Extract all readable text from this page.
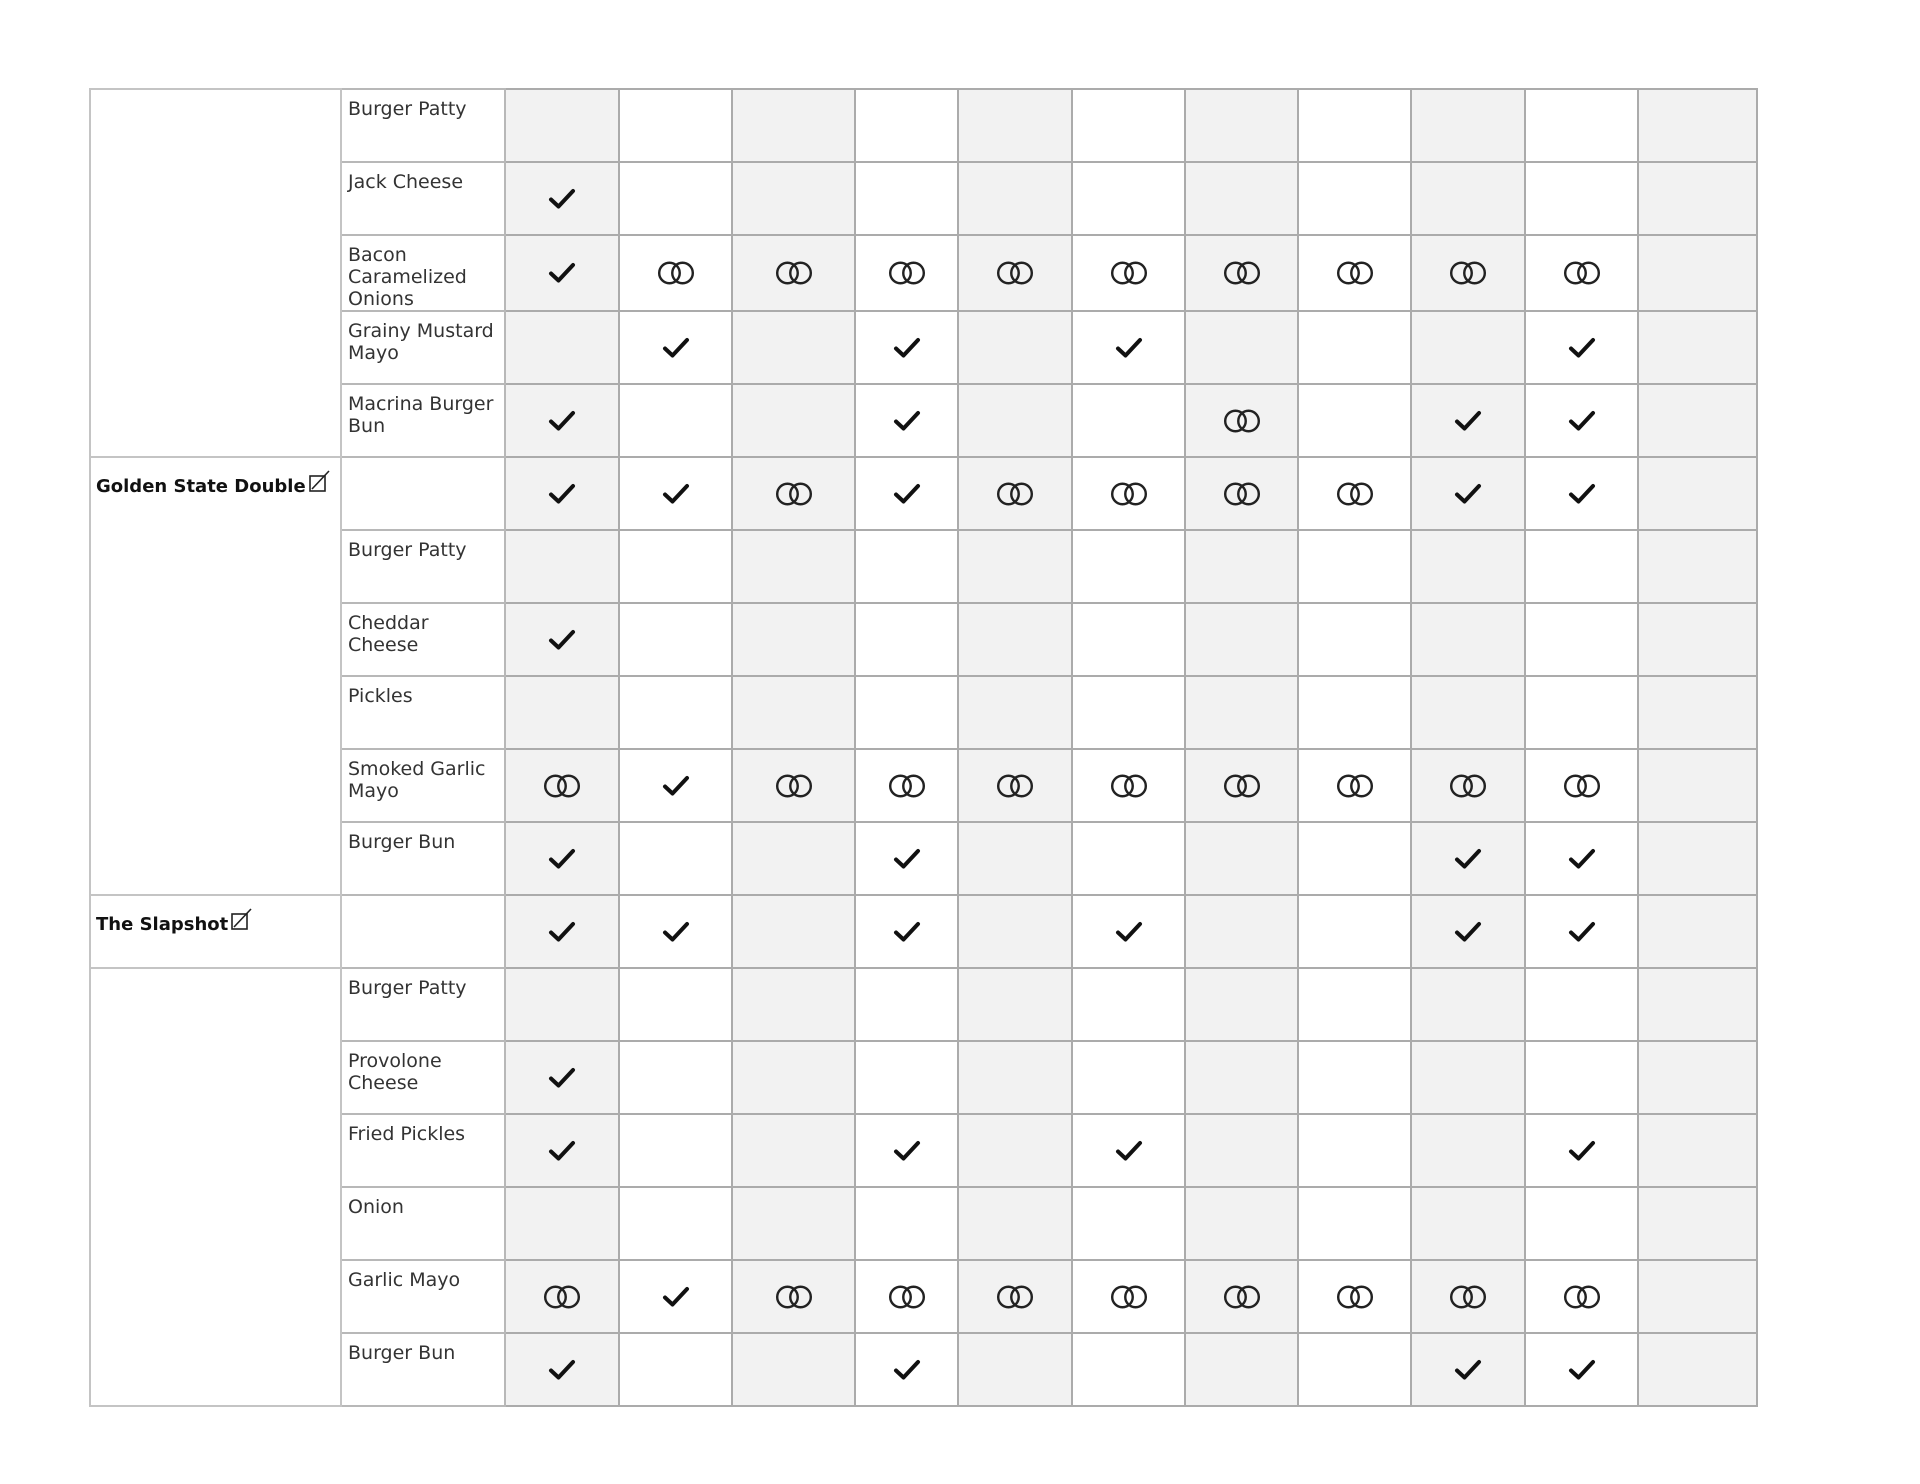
	Burger Patty											

	Jack Cheese

	Bacon Caramelized Onions

	Grainy Mustard Mayo

	Macrina Burger Bun

Golden State Double

	Burger Patty											

	Cheddar Cheese

	Pickles											

	Smoked Garlic Mayo

	Burger Bun

The Slapshot

	Burger Patty											

	Provolone Cheese

	Fried Pickles

	Onion											

	Garlic Mayo

	Burger Bun
